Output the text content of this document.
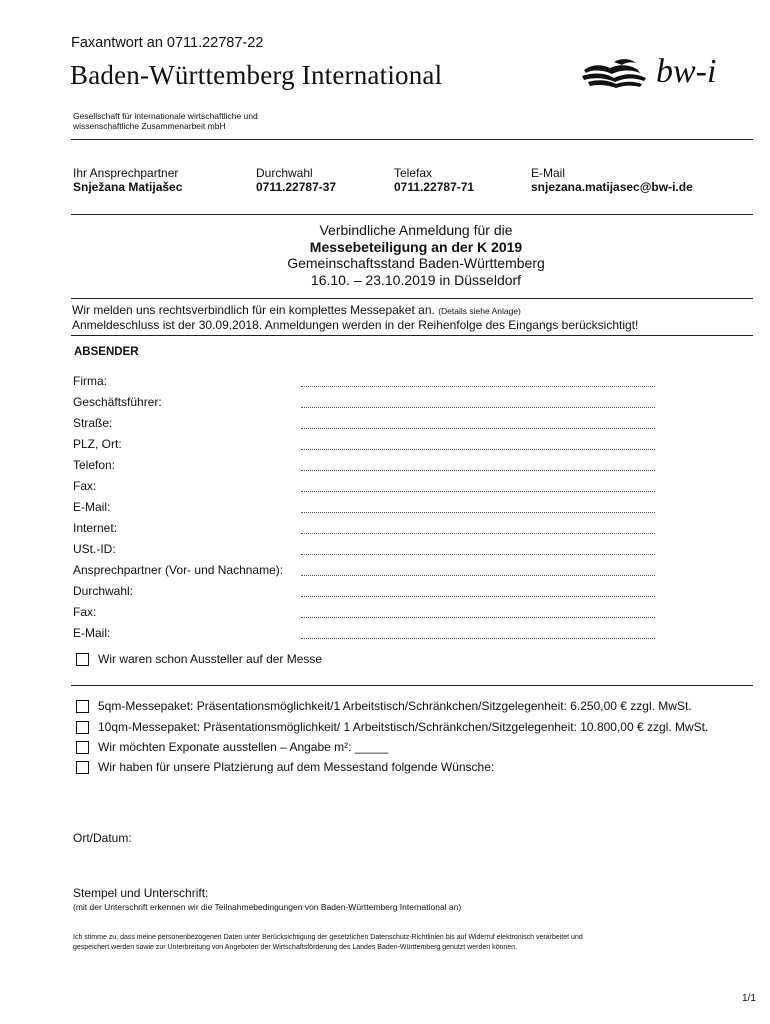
Faxantwort an 0711.22787-22
Baden-Württemberg International	bw-i
Gesellschaft für internationale wirtschaftliche und
wissenschaftliche Zusammenarbeit mbH
Ihr Ansprechpartner
Snježana Matijašec
Durchwahl
0711.22787-37
Telefax
0711.22787-71
E-Mail
snjezana.matijasec@bw-i.de
Verbindliche Anmeldung für die
Messebeteiligung an der K 2019
Gemeinschaftsstand Baden-Württemberg
16.10. – 23.10.2019 in Düsseldorf
Wir melden uns rechtsverbindlich für ein komplettes Messepaket an. (Details siehe Anlage)
Anmeldeschluss ist der 30.09.2018. Anmeldungen werden in der Reihenfolge des Eingangs berücksichtigt!
ABSENDER
Firma:
Geschäftsführer:
Straße:
PLZ, Ort:
Telefon:
Fax:
E-Mail:
Internet:
USt.-ID:
Ansprechpartner (Vor- und Nachname):
Durchwahl:
Fax:
E-Mail:
Wir waren schon Aussteller auf der Messe
5qm-Messepaket: Präsentationsmöglichkeit/1 Arbeitstisch/Schränkchen/Sitzgelegenheit: 6.250,00 € zzgl. MwSt.
10qm-Messepaket: Präsentationsmöglichkeit/ 1 Arbeitstisch/Schränkchen/Sitzgelegenheit: 10.800,00 € zzgl. MwSt.
Wir möchten Exponate ausstellen – Angabe m²: _____
Wir haben für unsere Platzierung auf dem Messestand folgende Wünsche:
Ort/Datum:
Stempel und Unterschrift:
(mit der Unterschrift erkennen wir die Teilnahmebedingungen von Baden-Württemberg International an)
Ich stimme zu, dass meine personenbezogenen Daten unter Berücksichtigung der gesetzlichen Datenschutz-Richtlinien bis auf Widerruf elektronisch verarbeitet und
gespeichert werden sowie zur Unterbreitung von Angeboten der Wirtschaftsförderung des Landes Baden-Württemberg genutzt werden können.
1/1
